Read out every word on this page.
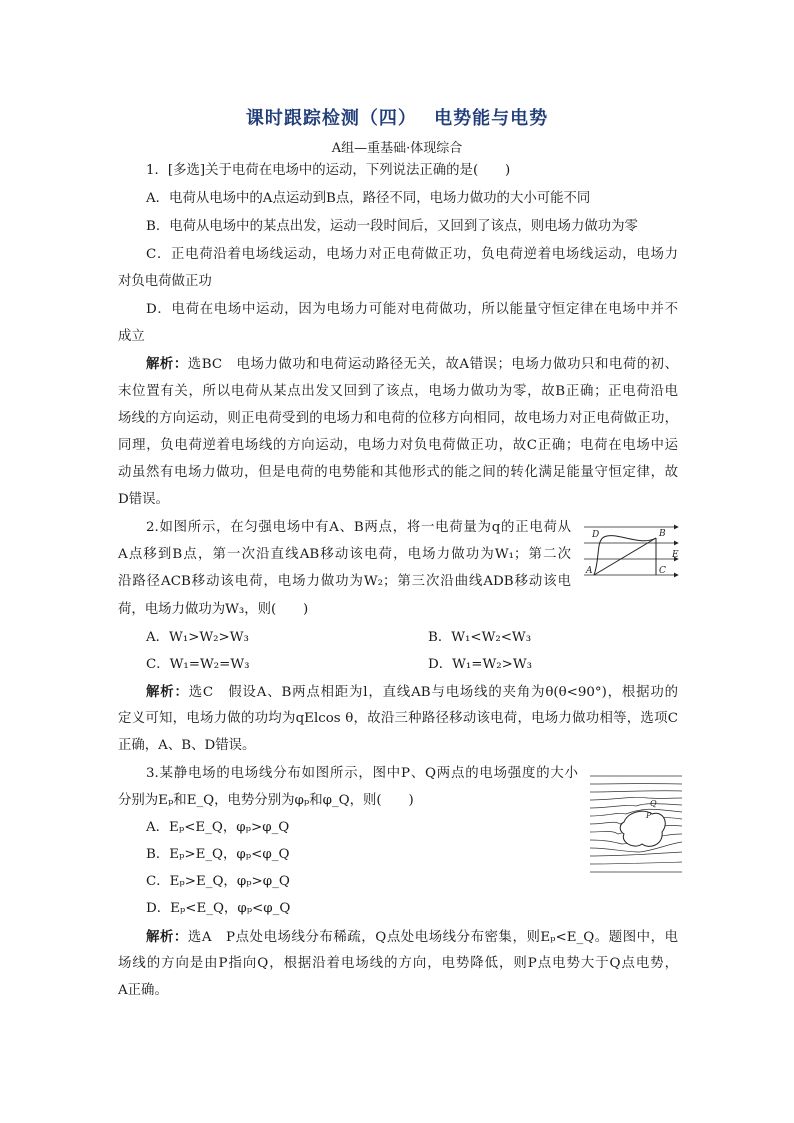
课时跟踪检测（四）　 电势能与电势
A组—重基础·体现综合
1．[多选]关于电荷在电场中的运动，下列说法正确的是(　　)
A．电荷从电场中的A点运动到B点，路径不同，电场力做功的大小可能不同
B．电荷从电场中的某点出发，运动一段时间后，又回到了该点，则电场力做功为零
C．正电荷沿着电场线运动，电场力对正电荷做正功，负电荷逆着电场线运动，电场力
对负电荷做正功
D．电荷在电场中运动，因为电场力可能对电荷做功，所以能量守恒定律在电场中并不
成立
解析：选BC　电场力做功和电荷运动路径无关，故A错误；电场力做功只和电荷的初、
末位置有关，所以电荷从某点出发又回到了该点，电场力做功为零，故B正确；正电荷沿电
场线的方向运动，则正电荷受到的电场力和电荷的位移方向相同，故电场力对正电荷做正功，
同理，负电荷逆着电场线的方向运动，电场力对负电荷做正功，故C正确；电荷在电场中运
动虽然有电场力做功，但是电荷的电势能和其他形式的能之间的转化满足能量守恒定律，故
D错误。
2.如图所示，在匀强电场中有A、B两点，将一电荷量为q的正电荷从
A点移到B点，第一次沿直线AB移动该电荷，电场力做功为W₁；第二次
沿路径ACB移动该电荷，电场力做功为W₂；第三次沿曲线ADB移动该电
荷，电场力做功为W₃，则(　　)
D	B
E
A	C
A．W₁>W₂>W₃	B．W₁<W₂<W₃
C．W₁=W₂=W₃	D．W₁=W₂>W₃
解析：选C　假设A、B两点相距为l，直线AB与电场线的夹角为θ(θ<90°)，根据功的
定义可知，电场力做的功均为qElcos θ，故沿三种路径移动该电荷，电场力做功相等，选项C
正确，A、B、D错误。
3.某静电场的电场线分布如图所示，图中P、Q两点的电场强度的大小
分别为Eₚ和E_Q，电势分别为φₚ和φ_Q，则(　　)	Q
P
A．Eₚ<E_Q，φₚ>φ_Q
B．Eₚ>E_Q，φₚ<φ_Q
C．Eₚ>E_Q，φₚ>φ_Q
D．Eₚ<E_Q，φₚ<φ_Q
解析：选A　P点处电场线分布稀疏，Q点处电场线分布密集，则Eₚ<E_Q。题图中，电
场线的方向是由P指向Q，根据沿着电场线的方向，电势降低，则P点电势大于Q点电势，
A正确。
